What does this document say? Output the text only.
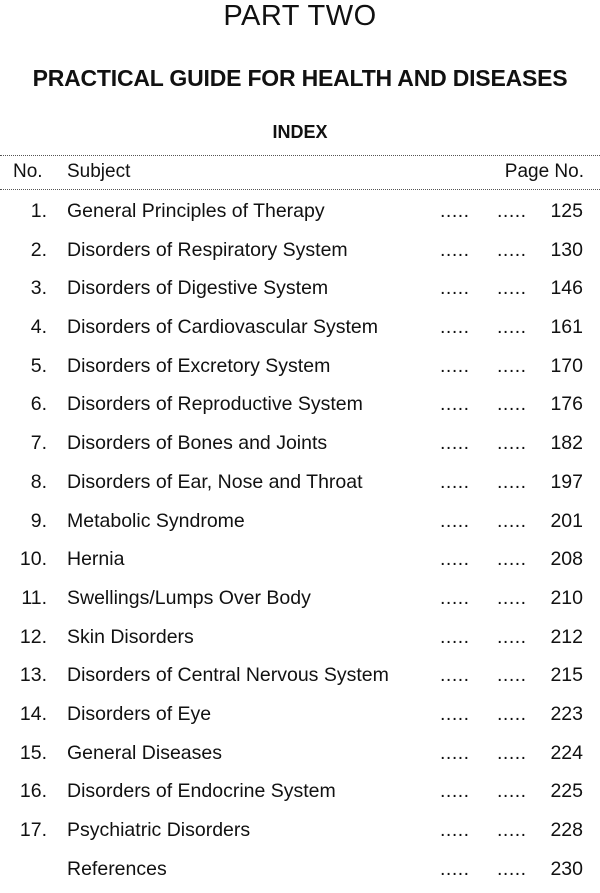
PART TWO
PRACTICAL GUIDE FOR HEALTH AND DISEASES
INDEX
No. Subject	Page No.
1. General Principles of Therapy	..... ..... 125
2. Disorders of Respiratory System	..... ..... 130
3. Disorders of Digestive System	..... ..... 146
4. Disorders of Cardiovascular System	..... ..... 161
5. Disorders of Excretory System	..... ..... 170
6. Disorders of Reproductive System	..... ..... 176
7. Disorders of Bones and Joints	..... ..... 182
8. Disorders of Ear, Nose and Throat	..... ..... 197
9. Metabolic Syndrome	..... ..... 201
10. Hernia	..... ..... 208
11. Swellings/Lumps Over Body	..... ..... 210
12. Skin Disorders	..... ..... 212
13. Disorders of Central Nervous System	..... ..... 215
14. Disorders of Eye	..... ..... 223
15. General Diseases	..... ..... 224
16. Disorders of Endocrine System	..... ..... 225
17. Psychiatric Disorders	..... ..... 228
References	..... ..... 230
